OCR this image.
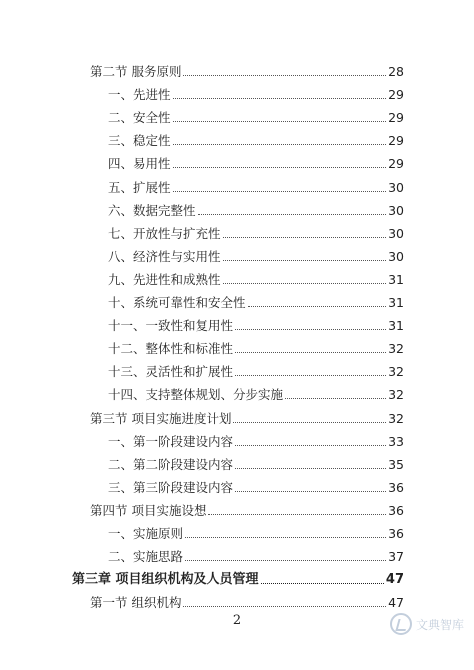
第二节 服务原则	28
一、先进性	29
二、安全性	29
三、稳定性	29
四、易用性	29
五、扩展性	30
六、数据完整性	30
七、开放性与扩充性	30
八、经济性与实用性	30
九、先进性和成熟性	31
十、系统可靠性和安全性	31
十一、一致性和复用性	31
十二、整体性和标准性	32
十三、灵活性和扩展性	32
十四、支持整体规划、分步实施	32
第三节 项目实施进度计划	32
一、第一阶段建设内容	33
二、第二阶段建设内容	35
三、第三阶段建设内容	36
第四节 项目实施设想	36
一、实施原则	36
二、实施思路	37
第三章 项目组织机构及人员管理	47
第一节 组织机构	47
2	文典智库
